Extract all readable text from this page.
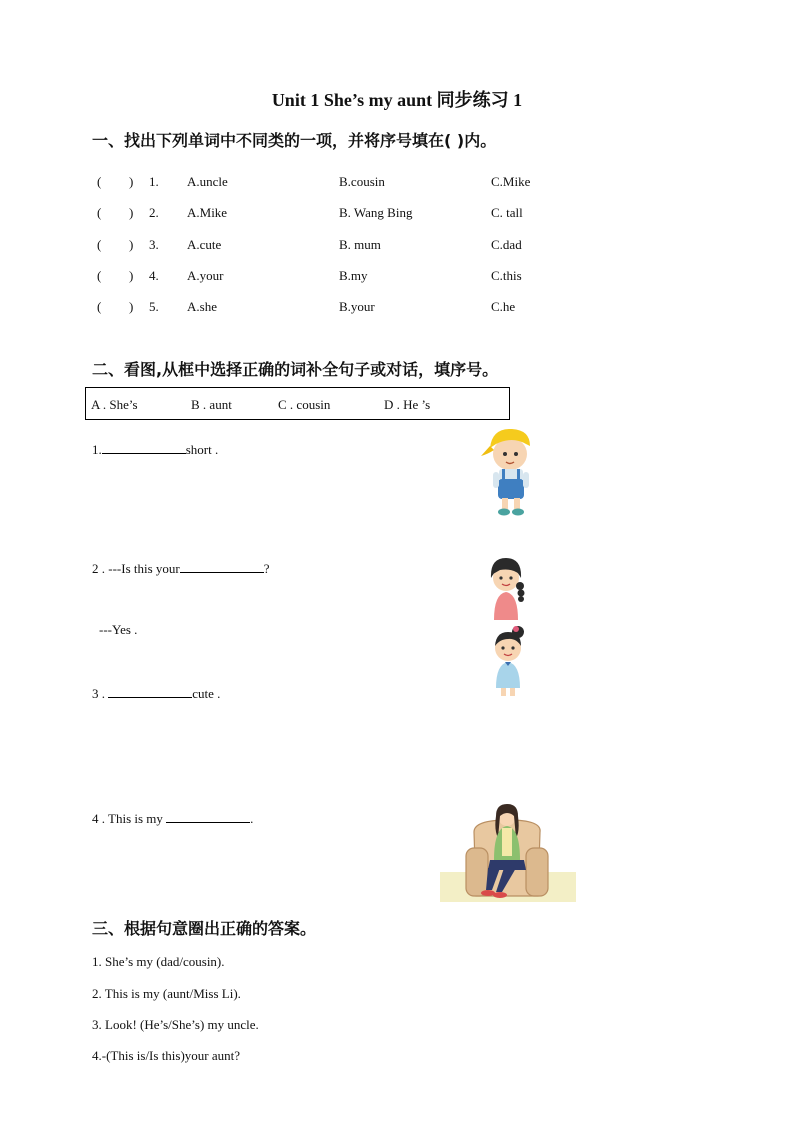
Unit 1 She’s my aunt 同步练习 1
一、找出下列单词中不同类的一项，并将序号填在( )内。
( ) 1. A.uncle	B.cousin	C.Mike
( ) 2. A.Mike	B. Wang Bing	C. tall
( ) 3. A.cute	B. mum	C.dad
( ) 4. A.your	B.my	C.this
( ) 5. A.she	B.your	C.he
二、看图,从框中选择正确的词补全句子或对话，填序号。
A . She’s	B . aunt	C . cousin	D . He ’s
1.	short .
2 . ---Is this your	?
---Yes .
3 .	cute .
4 . This is my	.
三、根据句意圈出正确的答案。
1. She’s my (dad/cousin).
2. This is my (aunt/Miss Li).
3. Look! (He’s/She’s) my uncle.
4.-(This is/Is this)your aunt?
